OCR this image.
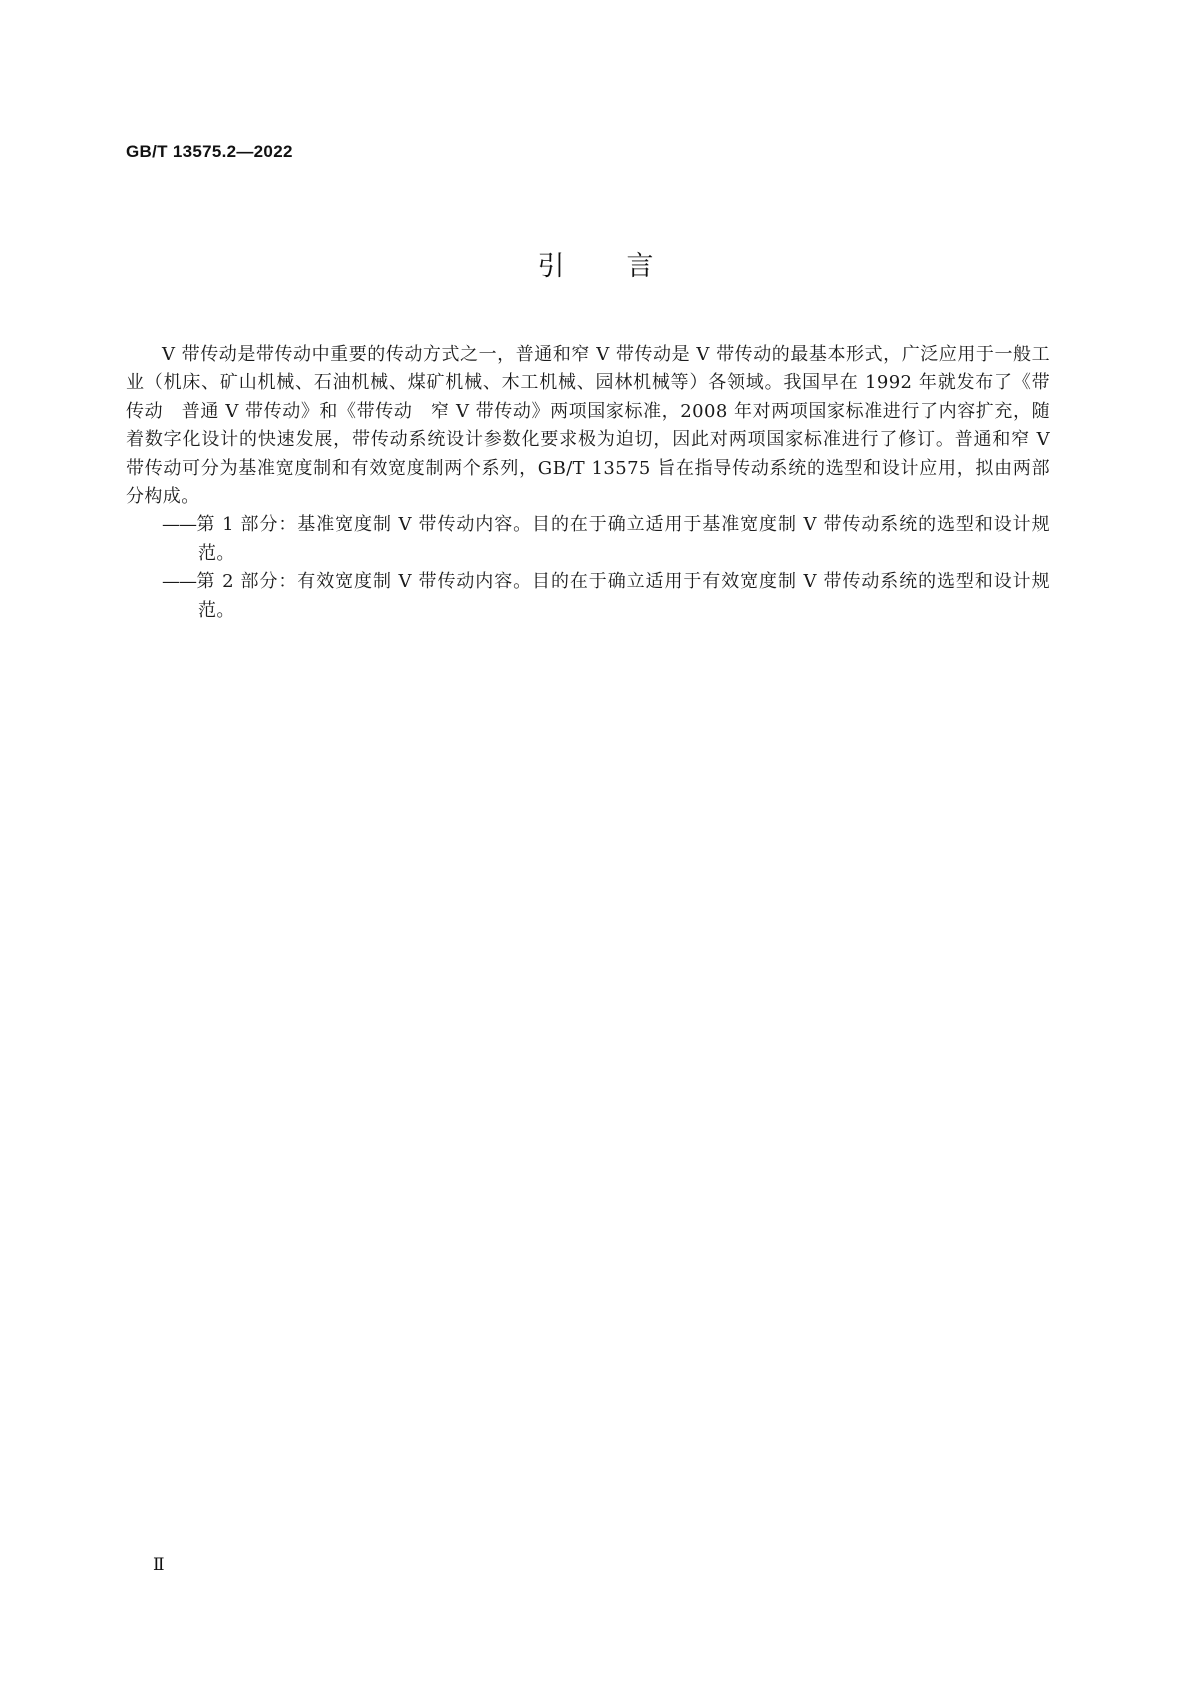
GB/T 13575.2—2022
引言

V 带传动是带传动中重要的传动方式之一，普通和窄 V 带传动是 V 带传动的最基本形式，广泛应用于一般工业（机床、矿山机械、石油机械、煤矿机械、木工机械、园林机械等）各领域。我国早在 1992 年就发布了《带传动　普通 V 带传动》和《带传动　窄 V 带传动》两项国家标准，2008 年对两项国家标准进行了内容扩充，随着数字化设计的快速发展，带传动系统设计参数化要求极为迫切，因此对两项国家标准进行了修订。普通和窄 V 带传动可分为基准宽度制和有效宽度制两个系列，GB/T 13575 旨在指导传动系统的选型和设计应用，拟由两部分构成。

——第 1 部分：基准宽度制 V 带传动内容。目的在于确立适用于基准宽度制 V 带传动系统的选型和设计规范。

——第 2 部分：有效宽度制 V 带传动内容。目的在于确立适用于有效宽度制 V 带传动系统的选型和设计规范。

Ⅱ
